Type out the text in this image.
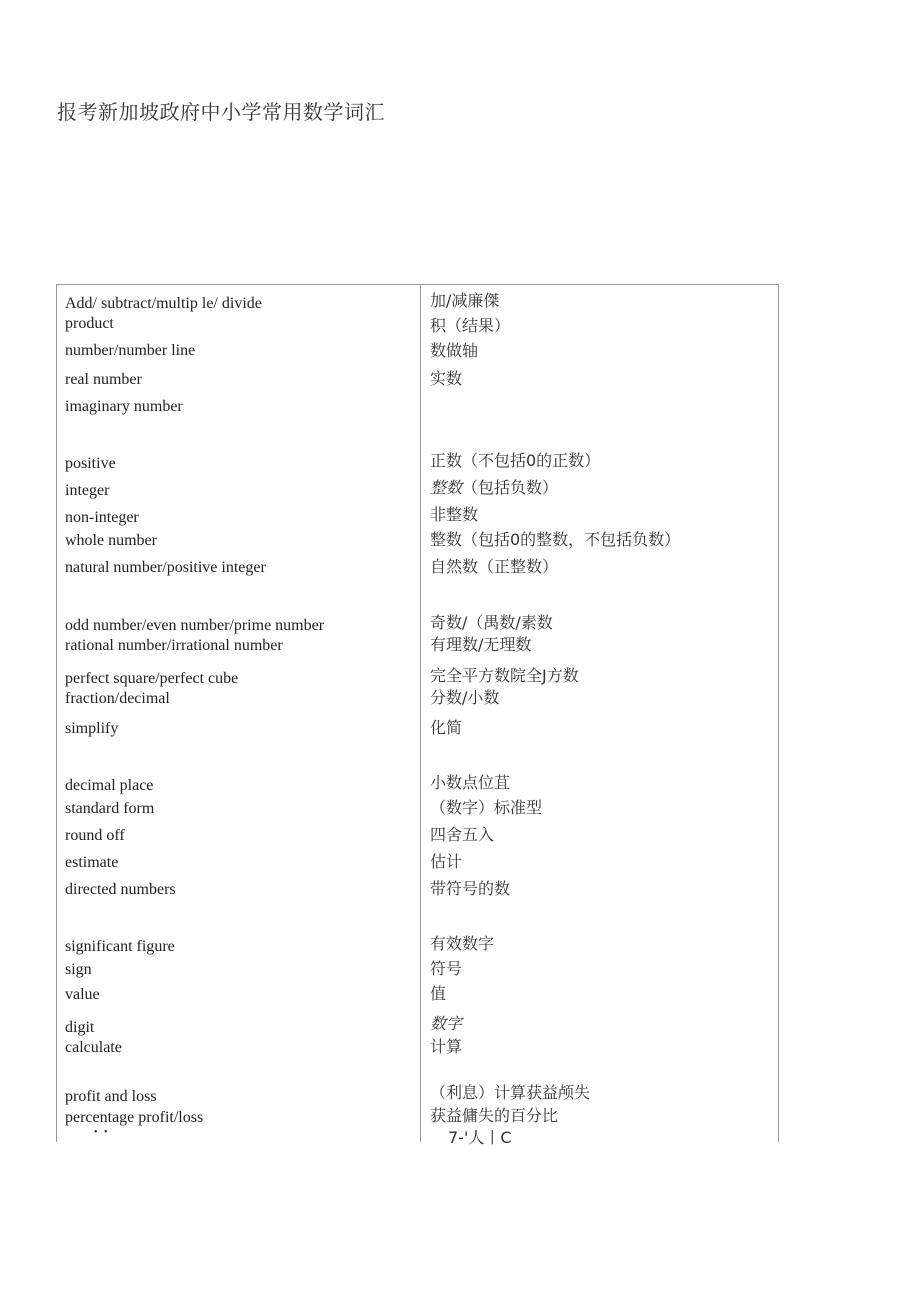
报考新加坡政府中小学常用数学词汇
Add/ subtract/multip le/ divide
product
number/number line
real number
imaginary number
positive
integer
non-integer
whole number
natural number/positive integer
odd number/even number/prime number
rational number/irrational number
perfect square/perfect cube
fraction/decimal
simplify
decimal place
standard form
round off
estimate
directed numbers
significant figure
sign
value
digit
calculate
profit and loss
percentage profit/loss
• •
加/减廉傑
积（结果）
数做轴
实数
正数（不包括0的正数）
整数（包括负数）
非整数
整数（包括0的整数，不包括负数）
自然数（正整数）
奇数/（禺数/素数
有理数/无理数
完全平方数院全J方数
分数/小数
化简
小数点位苴
（数字）标准型
四舍五入
估计
带符号的数
有效数字
符号
值
数字
计算
（利息）计算获益颅失
获益傭失的百分比
7-'人丨C
